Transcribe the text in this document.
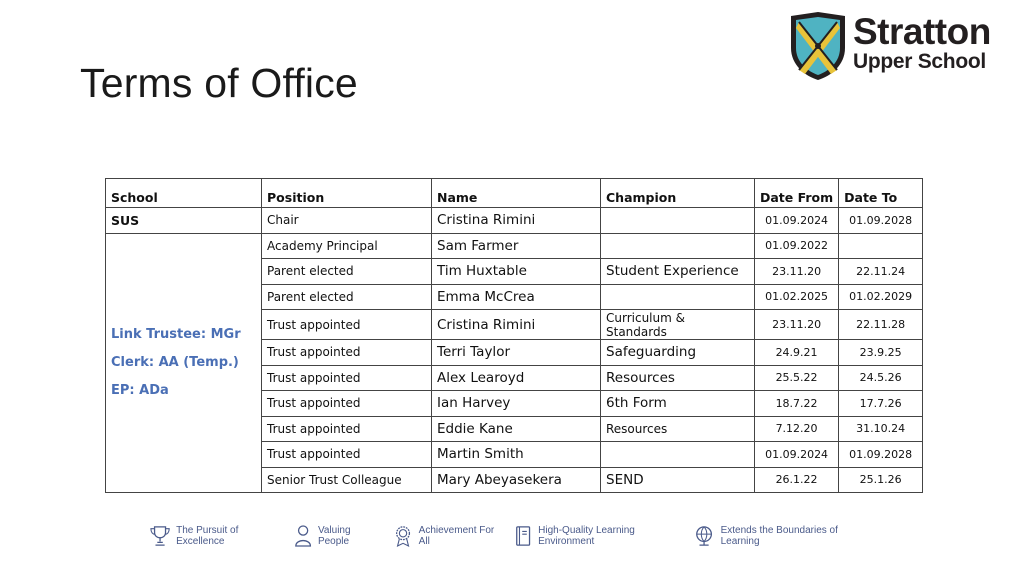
Terms of Office
Stratton
Upper School
School	Position	Name	Champion	Date From	Date To
SUS	Chair	Cristina Rimini		01.09.2024	01.09.2028

Link Trustee: MGr
Clerk: AA (Temp.)
EP: ADa	Academy Principal	Sam Farmer		01.09.2022	
	Parent elected	Tim Huxtable	Student Experience	23.11.20	22.11.24
	Parent elected	Emma McCrea		01.02.2025	01.02.2029
	Trust appointed	Cristina Rimini	Curriculum & Standards	23.11.20	22.11.28
	Trust appointed	Terri Taylor	Safeguarding	24.9.21	23.9.25
	Trust appointed	Alex Learoyd	Resources	25.5.22	24.5.26
	Trust appointed	Ian Harvey	6th Form	18.7.22	17.7.26
	Trust appointed	Eddie Kane	Resources	7.12.20	31.10.24
	Trust appointed	Martin Smith		01.09.2024	01.09.2028
	Senior Trust Colleague	Mary Abeyasekera	SEND	26.1.22	25.1.26
The Pursuit of Excellence
Valuing People
Achievement For All
High-Quality Learning Environment
Extends the Boundaries of Learning
